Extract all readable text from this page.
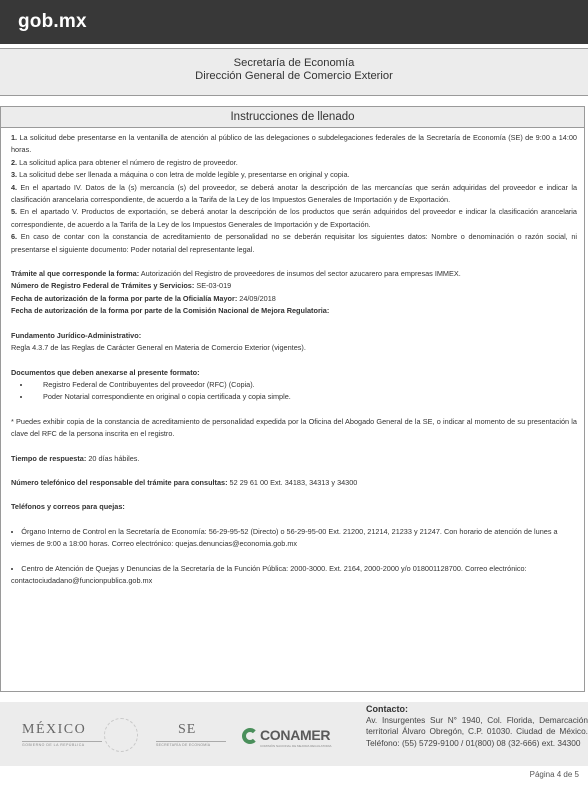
gob.mx
Secretaría de Economía
Dirección General de Comercio Exterior
Instrucciones de llenado

1. La solicitud debe presentarse en la ventanilla de atención al público de las delegaciones o subdelegaciones federales de la Secretaría de Economía (SE) de 9:00 a 14:00 horas.

2. La solicitud aplica para obtener el número de registro de proveedor.

3. La solicitud debe ser llenada a máquina o con letra de molde legible y, presentarse en original y copia.

4. En el apartado IV. Datos de la (s) mercancía (s) del proveedor, se deberá anotar la descripción de las mercancías que serán adquiridas del proveedor e indicar la clasificación arancelaria correspondiente, de acuerdo a la Tarifa de la Ley de los Impuestos Generales de Importación y de Exportación.

5. En el apartado V. Productos de exportación, se deberá anotar la descripción de los productos que serán adquiridos del proveedor e indicar la clasificación arancelaria correspondiente, de acuerdo a la Tarifa de la Ley de los Impuestos Generales de Importación y de Exportación.

6. En caso de contar con la constancia de acreditamiento de personalidad no se deberán requisitar los siguientes datos: Nombre o denominación o razón social, ni presentarse el siguiente documento: Poder notarial del representante legal.

Trámite al que corresponde la forma: Autorización del Registro de proveedores de insumos del sector azucarero para empresas IMMEX.

Número de Registro Federal de Trámites y Servicios: SE-03-019

Fecha de autorización de la forma por parte de la Oficialía Mayor: 24/09/2018

Fecha de autorización de la forma por parte de la Comisión Nacional de Mejora Regulatoria:

Fundamento Jurídico-Administrativo:

Regla 4.3.7 de las Reglas de Carácter General en Materia de Comercio Exterior (vigentes).

Documentos que deben anexarse al presente formato:

• Registro Federal de Contribuyentes del proveedor (RFC) (Copia).
• Poder Notarial correspondiente en original o copia certificada y copia simple.

* Puedes exhibir copia de la constancia de acreditamiento de personalidad expedida por la Oficina del Abogado General de la SE, o indicar al momento de su presentación la clave del RFC de la persona inscrita en el registro.

Tiempo de respuesta: 20 días hábiles.

Número telefónico del responsable del trámite para consultas: 52 29 61 00 Ext. 34183, 34313 y 34300

Teléfonos y correos para quejas:

• Órgano Interno de Control en la Secretaría de Economía: 56-29-95-52 (Directo) o 56-29-95-00 Ext. 21200, 21214, 21233 y 21247. Con horario de atención de lunes a viernes de 9:00 a 18:00 horas. Correo electrónico: quejas.denuncias@economia.gob.mx
• Centro de Atención de Quejas y Denuncias de la Secretaría de la Función Pública: 2000-3000. Ext. 2164, 2000-2000 y/o 018001128700. Correo electrónico: contactociudadano@funcionpublica.gob.mx
MÉXICO
GOBIERNO DE LA REPÚBLICA
SE
SECRETARÍA DE ECONOMÍA
CONAMER
COMISIÓN NACIONAL DE MEJORA REGULATORIA
Contacto:
Av. Insurgentes Sur N° 1940, Col. Florida, Demarcación territorial Álvaro Obregón, C.P. 01030. Ciudad de México. Teléfono: (55) 5729-9100 / 01(800) 08 (32-666) ext. 34300
Página 4 de 5
